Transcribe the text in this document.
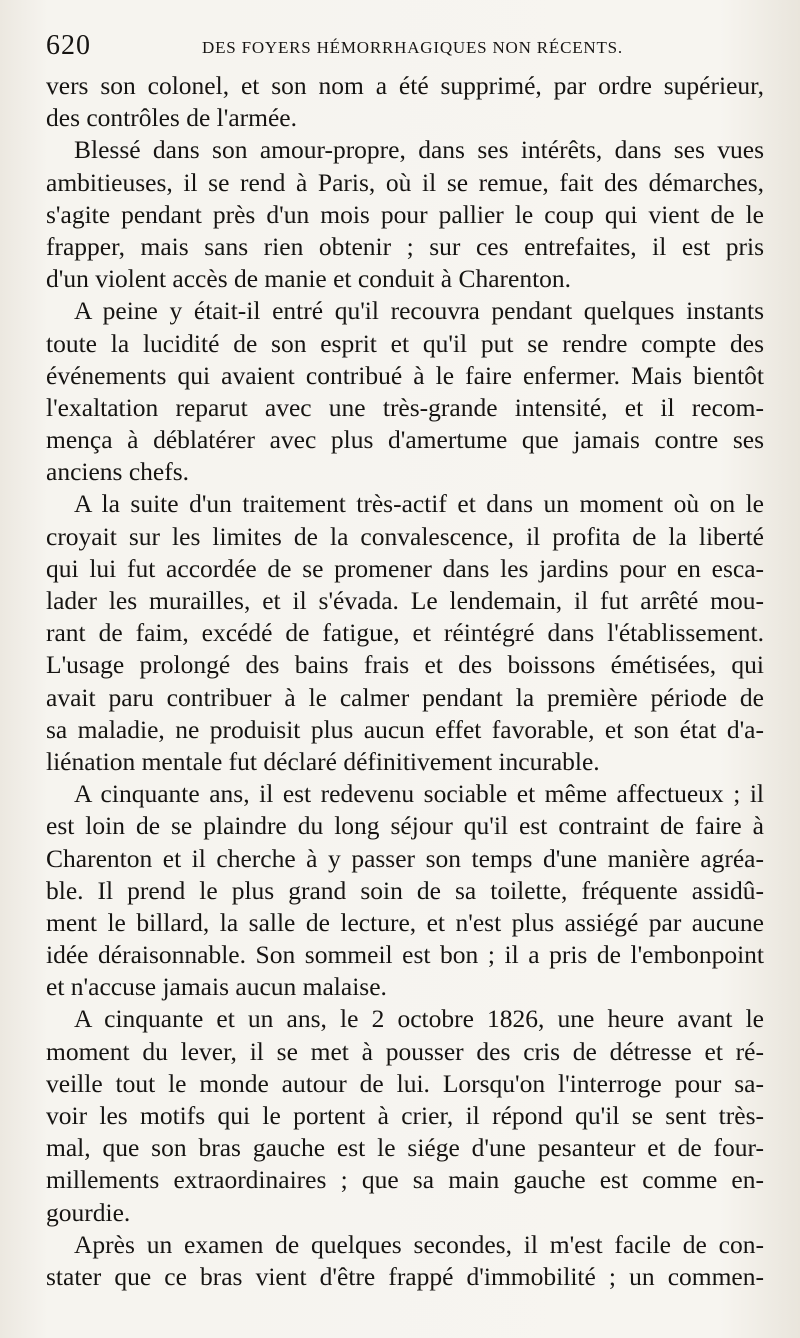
620	DES FOYERS HÉMORRHAGIQUES NON RÉCENTS.
vers son colonel, et son nom a été supprimé, par ordre supérieur,
des contrôles de l'armée.
Blessé dans son amour-propre, dans ses intérêts, dans ses vues
ambitieuses, il se rend à Paris, où il se remue, fait des démarches,
s'agite pendant près d'un mois pour pallier le coup qui vient de le
frapper, mais sans rien obtenir ; sur ces entrefaites, il est pris
d'un violent accès de manie et conduit à Charenton.
A peine y était-il entré qu'il recouvra pendant quelques instants
toute la lucidité de son esprit et qu'il put se rendre compte des
événements qui avaient contribué à le faire enfermer. Mais bientôt
l'exaltation reparut avec une très-grande intensité, et il recom-
mença à déblatérer avec plus d'amertume que jamais contre ses
anciens chefs.
A la suite d'un traitement très-actif et dans un moment où on le
croyait sur les limites de la convalescence, il profita de la liberté
qui lui fut accordée de se promener dans les jardins pour en esca-
lader les murailles, et il s'évada. Le lendemain, il fut arrêté mou-
rant de faim, excédé de fatigue, et réintégré dans l'établissement.
L'usage prolongé des bains frais et des boissons émétisées, qui
avait paru contribuer à le calmer pendant la première période de
sa maladie, ne produisit plus aucun effet favorable, et son état d'a-
liénation mentale fut déclaré définitivement incurable.
A cinquante ans, il est redevenu sociable et même affectueux ; il
est loin de se plaindre du long séjour qu'il est contraint de faire à
Charenton et il cherche à y passer son temps d'une manière agréa-
ble. Il prend le plus grand soin de sa toilette, fréquente assidû-
ment le billard, la salle de lecture, et n'est plus assiégé par aucune
idée déraisonnable. Son sommeil est bon ; il a pris de l'embonpoint
et n'accuse jamais aucun malaise.
A cinquante et un ans, le 2 octobre 1826, une heure avant le
moment du lever, il se met à pousser des cris de détresse et ré-
veille tout le monde autour de lui. Lorsqu'on l'interroge pour sa-
voir les motifs qui le portent à crier, il répond qu'il se sent très-
mal, que son bras gauche est le siége d'une pesanteur et de four-
millements extraordinaires ; que sa main gauche est comme en-
gourdie.
Après un examen de quelques secondes, il m'est facile de con-
stater que ce bras vient d'être frappé d'immobilité ; un commen-
